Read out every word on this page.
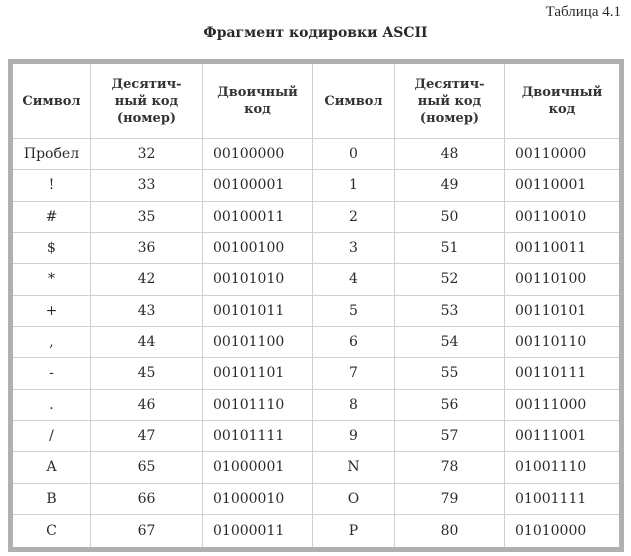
Таблица 4.1
Фрагмент кодировки ASCII
Символ	Десятич-
ный код
(номер)	Двоичный
код	Символ	Десятич-
ный код
(номер)	Двоичный
код
Пробел	32	00100000	0	48	00110000
!	33	00100001	1	49	00110001
#	35	00100011	2	50	00110010
$	36	00100100	3	51	00110011
*	42	00101010	4	52	00110100
+	43	00101011	5	53	00110101
,	44	00101100	6	54	00110110
-	45	00101101	7	55	00110111
.	46	00101110	8	56	00111000
/	47	00101111	9	57	00111001
A	65	01000001	N	78	01001110
B	66	01000010	O	79	01001111
C	67	01000011	P	80	01010000
